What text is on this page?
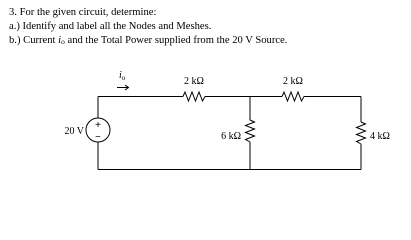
3. For the given circuit, determine:
a.) Identify and label all the Nodes and Meshes.
b.) Current $i_o$ and the Total Power supplied from the 20 V Source.
$i_o$	2 kΩ	2 kΩ
6 kΩ	4 kΩ
20 V
+
−
